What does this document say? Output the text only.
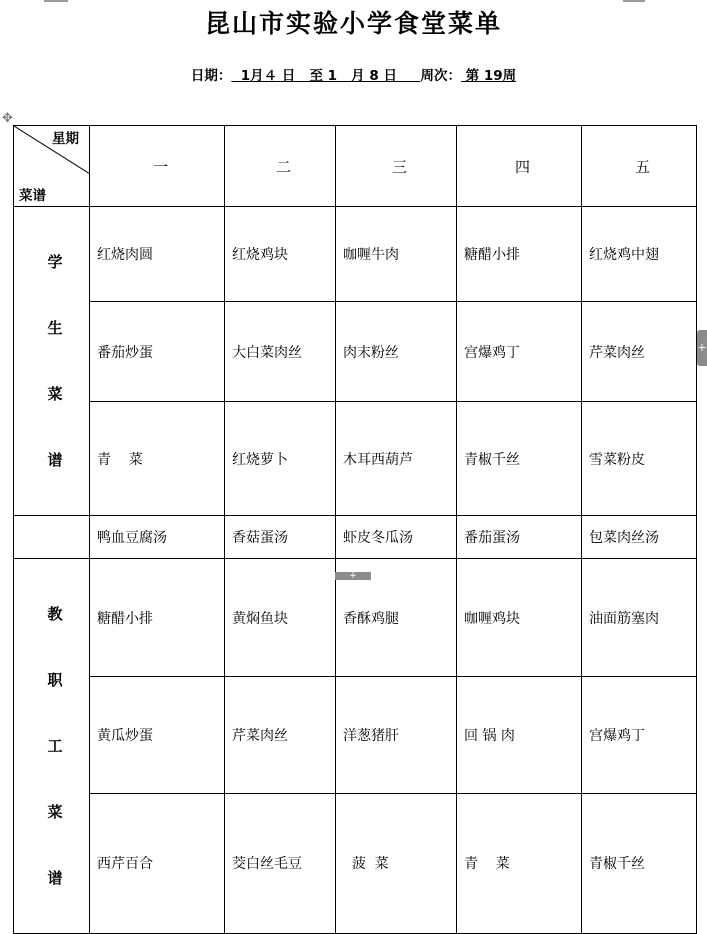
昆山市实验小学食堂菜单
日期：  1月４ 日   至 1   月 8 日     周次： 第 19周
✥

星期

菜谱	一	二	三	四	五

学

生

菜

谱	红烧肉圆	红烧鸡块	咖喱牛肉	糖醋小排	红烧鸡中翅
	番茄炒蛋	大白菜肉丝	肉末粉丝	宫爆鸡丁	芹菜肉丝
	青    菜	红烧萝卜	木耳西葫芦	青椒千丝	雪菜粉皮
	鸭血豆腐汤	香菇蛋汤	虾皮冬瓜汤	番茄蛋汤	包菜肉丝汤

教

职

工

菜

谱	糖醋小排	黄焖鱼块	香酥鸡腿	咖喱鸡块	油面筋塞肉
	黄瓜炒蛋	芹菜肉丝	洋葱猪肝	回 锅 肉	宫爆鸡丁
	西芹百合	茭白丝毛豆	菠  菜	青    菜	青椒千丝
+
+
